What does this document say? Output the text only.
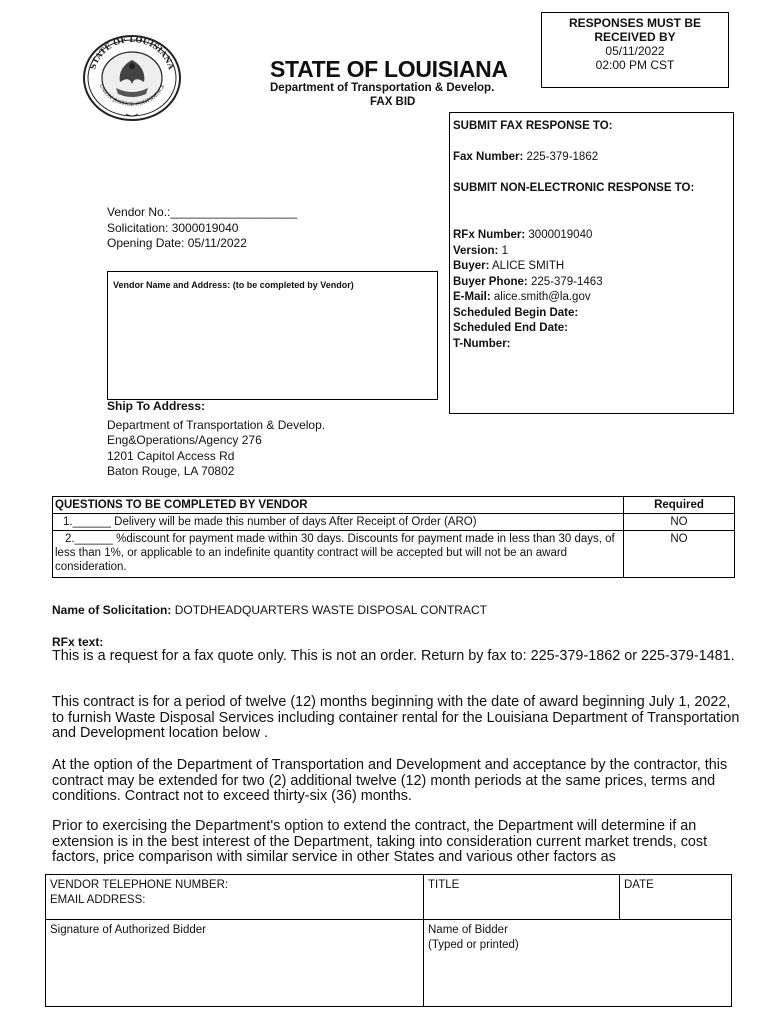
STATE OF LOUISIANA
UNION JUSTICE CONFIDENCE
RESPONSES MUST BE
RECEIVED BY
05/11/2022
02:00 PM CST
STATE OF LOUISIANA
Department of Transportation & Develop.
FAX BID
SUBMIT FAX RESPONSE TO:
Fax Number: 225-379-1862
SUBMIT NON-ELECTRONIC RESPONSE TO:
RFx Number: 3000019040
Version: 1
Buyer: ALICE SMITH
Buyer Phone: 225-379-1463
E-Mail: alice.smith@la.gov
Scheduled Begin Date:
Scheduled End Date:
T-Number:
Vendor No.:___________________
Solicitation: 3000019040
Opening Date: 05/11/2022
Vendor Name and Address: (to be completed by Vendor)
Ship To Address:
Department of Transportation & Develop.
Eng&Operations/Agency 276
1201 Capitol Access Rd
Baton Rouge, LA 70802
QUESTIONS TO BE COMPLETED BY VENDOR	Required
1.______ Delivery will be made this number of days After Receipt of Order (ARO)	NO
2.______ %discount for payment made within 30 days. Discounts for payment made in less than 30 days, of less than 1%, or applicable to an indefinite quantity contract will be accepted but will not be an award consideration.	NO
Name of Solicitation: DOTDHEADQUARTERS WASTE DISPOSAL CONTRACT
RFx text:
This is a request for a fax quote only. This is not an order. Return by fax to: 225-379-1862 or 225-379-1481.
This contract is for a period of twelve (12) months beginning with the date of award beginning July 1, 2022, to furnish Waste Disposal Services including container rental for the Louisiana Department of Transportation and Development location below .
At the option of the Department of Transportation and Development and acceptance by the contractor, this contract may be extended for two (2) additional twelve (12) month periods at the same prices, terms and conditions. Contract not to exceed thirty-six (36) months.
Prior to exercising the Department's option to extend the contract, the Department will determine if an extension is in the best interest of the Department, taking into consideration current market trends, cost factors, price comparison with similar service in other States and various other factors as
VENDOR TELEPHONE NUMBER:
EMAIL ADDRESS:	TITLE	DATE

Signature of Authorized Bidder	Name of Bidder
(Typed or printed)	
